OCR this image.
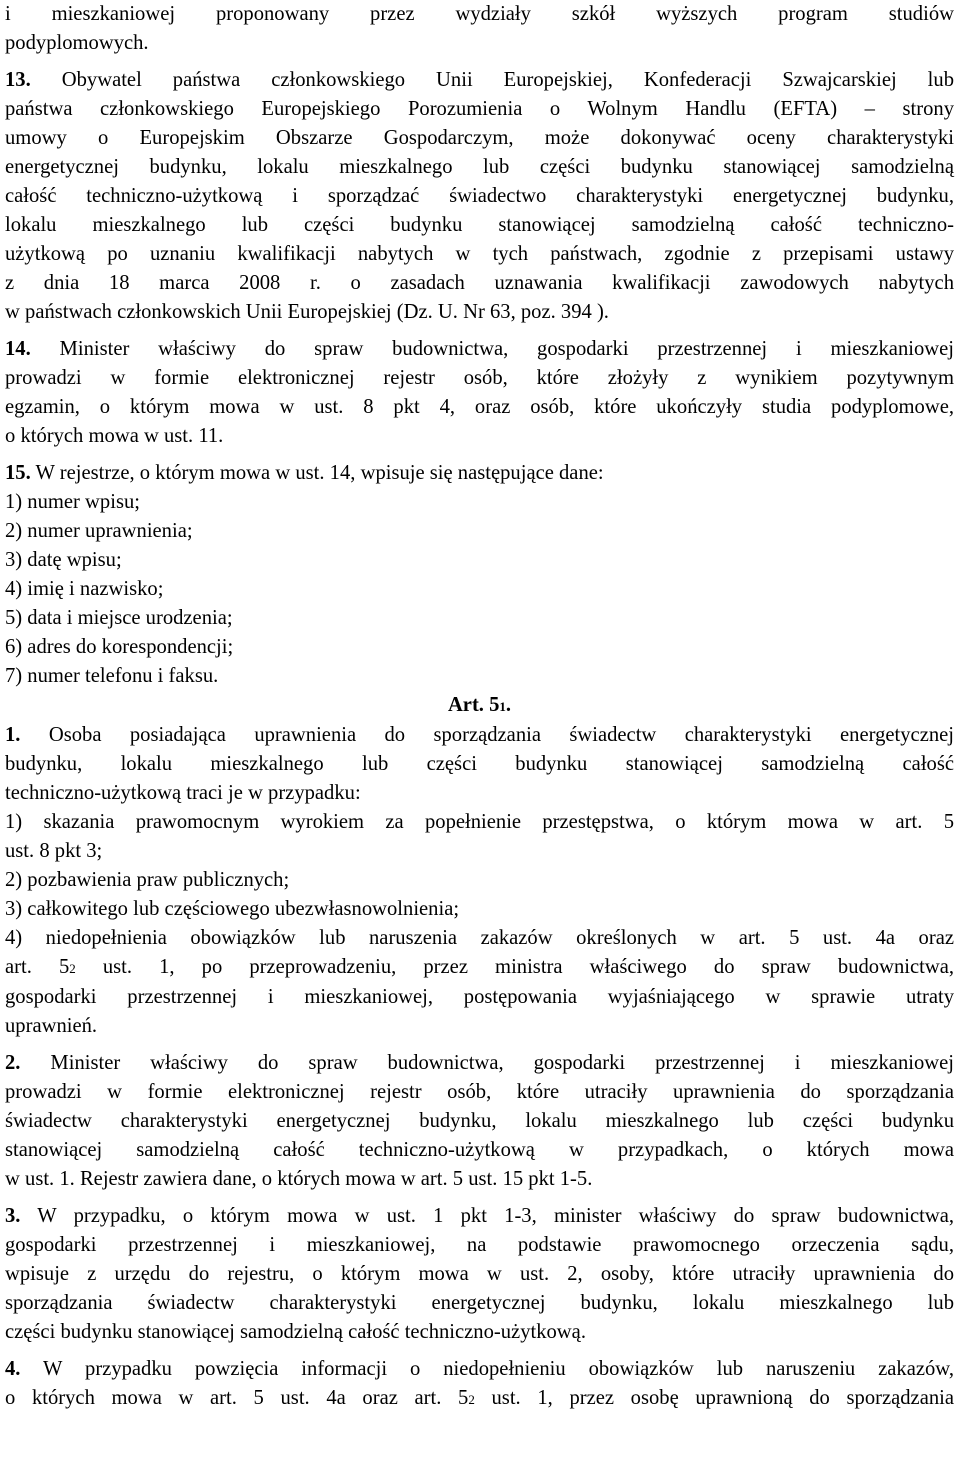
i mieszkaniowej proponowany przez wydziały szkół wyższych program studiów
podyplomowych.
13. Obywatel państwa członkowskiego Unii Europejskiej, Konfederacji Szwajcarskiej lub
państwa członkowskiego Europejskiego Porozumienia o Wolnym Handlu (EFTA) – strony
umowy o Europejskim Obszarze Gospodarczym, może dokonywać oceny charakterystyki
energetycznej budynku, lokalu mieszkalnego lub części budynku stanowiącej samodzielną
całość techniczno-użytkową i sporządzać świadectwo charakterystyki energetycznej budynku,
lokalu mieszkalnego lub części budynku stanowiącej samodzielną całość techniczno-
użytkową po uznaniu kwalifikacji nabytych w tych państwach, zgodnie z przepisami ustawy
z dnia 18 marca 2008 r. o zasadach uznawania kwalifikacji zawodowych nabytych
w państwach członkowskich Unii Europejskiej (Dz. U. Nr 63, poz. 394 ).
14. Minister właściwy do spraw budownictwa, gospodarki przestrzennej i mieszkaniowej
prowadzi w formie elektronicznej rejestr osób, które złożyły z wynikiem pozytywnym
egzamin, o którym mowa w ust. 8 pkt 4, oraz osób, które ukończyły studia podyplomowe,
o których mowa w ust. 11.
15. W rejestrze, o którym mowa w ust. 14, wpisuje się następujące dane:
1) numer wpisu;
2) numer uprawnienia;
3) datę wpisu;
4) imię i nazwisko;
5) data i miejsce urodzenia;
6) adres do korespondencji;
7) numer telefonu i faksu.

Art. 51.

1. Osoba posiadająca uprawnienia do sporządzania świadectw charakterystyki energetycznej
budynku, lokalu mieszkalnego lub części budynku stanowiącej samodzielną całość
techniczno-użytkową traci je w przypadku:
1) skazania prawomocnym wyrokiem za popełnienie przestępstwa, o którym mowa w art. 5
ust. 8 pkt 3;
2) pozbawienia praw publicznych;
3) całkowitego lub częściowego ubezwłasnowolnienia;
4) niedopełnienia obowiązków lub naruszenia zakazów określonych w art. 5 ust. 4a oraz
art. 52 ust. 1, po przeprowadzeniu, przez ministra właściwego do spraw budownictwa,
gospodarki przestrzennej i mieszkaniowej, postępowania wyjaśniającego w sprawie utraty
uprawnień.
2. Minister właściwy do spraw budownictwa, gospodarki przestrzennej i mieszkaniowej
prowadzi w formie elektronicznej rejestr osób, które utraciły uprawnienia do sporządzania
świadectw charakterystyki energetycznej budynku, lokalu mieszkalnego lub części budynku
stanowiącej samodzielną całość techniczno-użytkową w przypadkach, o których mowa
w ust. 1. Rejestr zawiera dane, o których mowa w art. 5 ust. 15 pkt 1-5.
3. W przypadku, o którym mowa w ust. 1 pkt 1-3, minister właściwy do spraw budownictwa,
gospodarki przestrzennej i mieszkaniowej, na podstawie prawomocnego orzeczenia sądu,
wpisuje z urzędu do rejestru, o którym mowa w ust. 2, osoby, które utraciły uprawnienia do
sporządzania świadectw charakterystyki energetycznej budynku, lokalu mieszkalnego lub
części budynku stanowiącej samodzielną całość techniczno-użytkową.
4. W przypadku powzięcia informacji o niedopełnieniu obowiązków lub naruszeniu zakazów,
o których mowa w art. 5 ust. 4a oraz art. 52 ust. 1, przez osobę uprawnioną do sporządzania
